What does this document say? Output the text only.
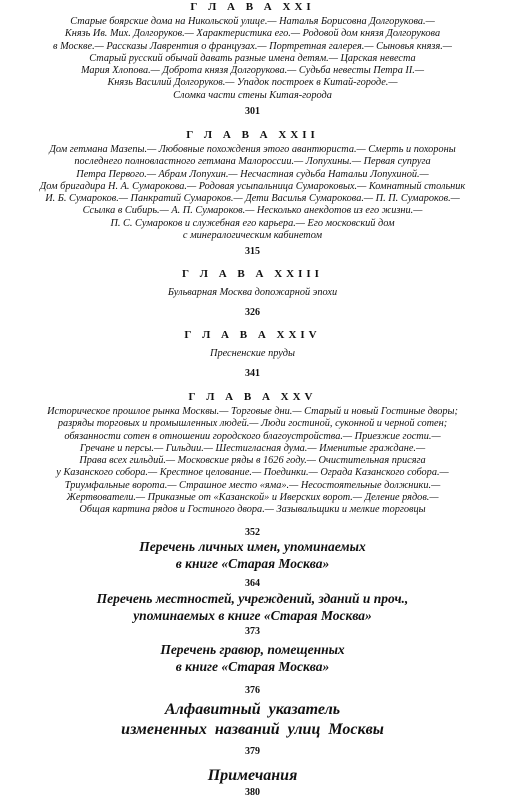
Г Л А В А XXI
Старые боярские дома на Никольской улице.— Наталья Борисовна Долгорукова.—
Князь Ив. Мих. Долгоруков.— Характеристика его.— Родовой дом князя Долгорукова
в Москве.— Рассказы Лаврентия о французах.— Портретная галерея.— Сыновья князя.—
Старый русский обычай давать разные имена детям.— Царская невеста
Мария Хлопова.— Доброта князя Долгорукова.— Судьба невесты Петра II.—
Князь Василий Долгоруков.— Упадок построек в Китай-городе.—
Сломка части стены Китая-города
301
Г Л А В А XXII
Дом гетмана Мазепы.— Любовные похождения этого авантюриста.— Смерть и похороны
последнего полновластного гетмана Малороссии.— Лопухины.— Первая супруга
Петра Первого.— Абрам Лопухин.— Несчастная судьба Натальи Лопухиной.—
Дом бригадира Н. А. Сумарокова.— Родовая усыпальница Сумароковых.— Комнатный стольник
И. Б. Сумароков.— Панкратий Сумароков.— Дети Василья Сумарокова.— П. П. Сумароков.—
Ссылка в Сибирь.— А. П. Сумароков.— Несколько анекдотов из его жизни.—
П. С. Сумароков и служебная его карьера.— Его московский дом
с минералогическим кабинетом
315
Г Л А В А XXIII
Бульварная Москва допожарной эпохи
326
Г Л А В А XXIV
Пресненские пруды
341
Г Л А В А XXV
Историческое прошлое рынка Москвы.— Торговые дни.— Старый и новый Гостиные дворы;
разряды торговых и промышленных людей.— Люди гостиной, суконной и черной сотен;
обязанности сотен в отношении городского благоустройства.— Приезжие гости.—
Гречане и персы.— Гильдии.— Шестигласная дума.— Именитые граждане.—
Права всех гильдий.— Московские ряды в 1626 году.— Очистительная присяга
у Казанского собора.— Крестное целование.— Поединки.— Ограда Казанского собора.—
Триумфальные ворота.— Страшное место «яма».— Несостоятельные должники.—
Жертвователи.— Приказные от «Казанской» и Иверских ворот.— Деление рядов.—
Общая картина рядов и Гостиного двора.— Зазывальщики и мелкие торговцы
352
Перечень личных имен, упоминаемых
в книге «Старая Москва»
364
Перечень местностей, учреждений, зданий и проч.,
упоминаемых в книге «Старая Москва»
373
Перечень гравюр, помещенных
в книге «Старая Москва»
376
Алфавитный указатель
измененных названий улиц Москвы
379
Примечания
380
